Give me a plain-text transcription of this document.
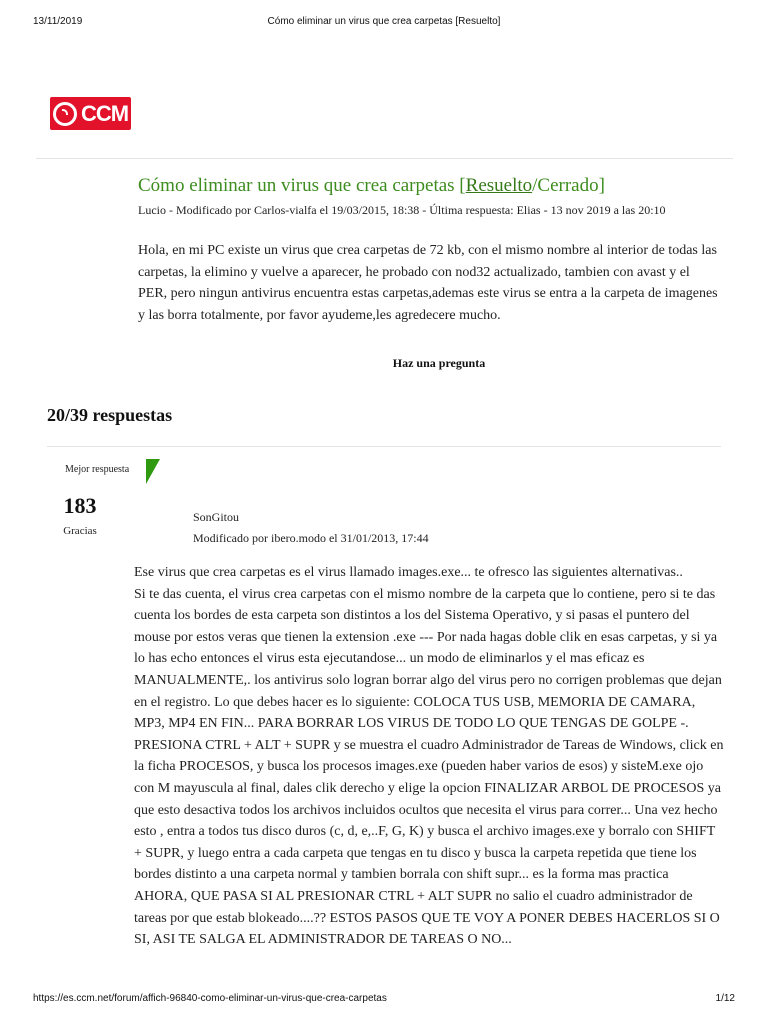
13/11/2019	Cómo eliminar un virus que crea carpetas [Resuelto]
CCM
Cómo eliminar un virus que crea carpetas [Resuelto/Cerrado]
Lucio - Modificado por Carlos-vialfa el 19/03/2015, 18:38 - Última respuesta: Elias - 13 nov 2019 a las 20:10
Hola, en mi PC existe un virus que crea carpetas de 72 kb, con el mismo nombre al interior de todas las carpetas, la elimino y vuelve a aparecer, he probado con nod32 actualizado, tambien con avast y el PER, pero ningun antivirus encuentra estas carpetas,ademas este virus se entra a la carpeta de imagenes y las borra totalmente, por favor ayudeme,les agredecere mucho.
Haz una pregunta
20/39 respuestas
Mejor respuesta
183
Gracias
SonGitou
Modificado por ibero.modo el 31/01/2013, 17:44

Ese virus que crea carpetas es el virus llamado images.exe... te ofresco las siguientes alternativas..

Si te das cuenta, el virus crea carpetas con el mismo nombre de la carpeta que lo contiene, pero si te das cuenta los bordes de esta carpeta son distintos a los del Sistema Operativo, y si pasas el puntero del mouse por estos veras que tienen la extension .exe --- Por nada hagas doble clik en esas carpetas, y si ya lo has echo entonces el virus esta ejecutandose... un modo de eliminarlos y el mas eficaz es MANUALMENTE,. los antivirus solo logran borrar algo del virus pero no corrigen problemas que dejan en el registro. Lo que debes hacer es lo siguiente: COLOCA TUS USB, MEMORIA DE CAMARA, MP3, MP4 EN FIN... PARA BORRAR LOS VIRUS DE TODO LO QUE TENGAS DE GOLPE -. PRESIONA CTRL + ALT + SUPR y se muestra el cuadro Administrador de Tareas de Windows, click en la ficha PROCESOS, y busca los procesos images.exe (pueden haber varios de esos) y sisteM.exe ojo con M mayuscula al final, dales clik derecho y elige la opcion FINALIZAR ARBOL DE PROCESOS ya que esto desactiva todos los archivos incluidos ocultos que necesita el virus para correr... Una vez hecho esto , entra a todos tus disco duros (c, d, e,..F, G, K) y busca el archivo images.exe y borralo con SHIFT + SUPR, y luego entra a cada carpeta que tengas en tu disco y busca la carpeta repetida que tiene los bordes distinto a una carpeta normal y tambien borrala con shift supr... es la forma mas practica AHORA, QUE PASA SI AL PRESIONAR CTRL + ALT SUPR no salio el cuadro administrador de tareas por que estab blokeado....?? ESTOS PASOS QUE TE VOY A PONER DEBES HACERLOS SI O SI, ASI TE SALGA EL ADMINISTRADOR DE TAREAS O NO...

https://es.ccm.net/forum/affich-96840-como-eliminar-un-virus-que-crea-carpetas	1/12
